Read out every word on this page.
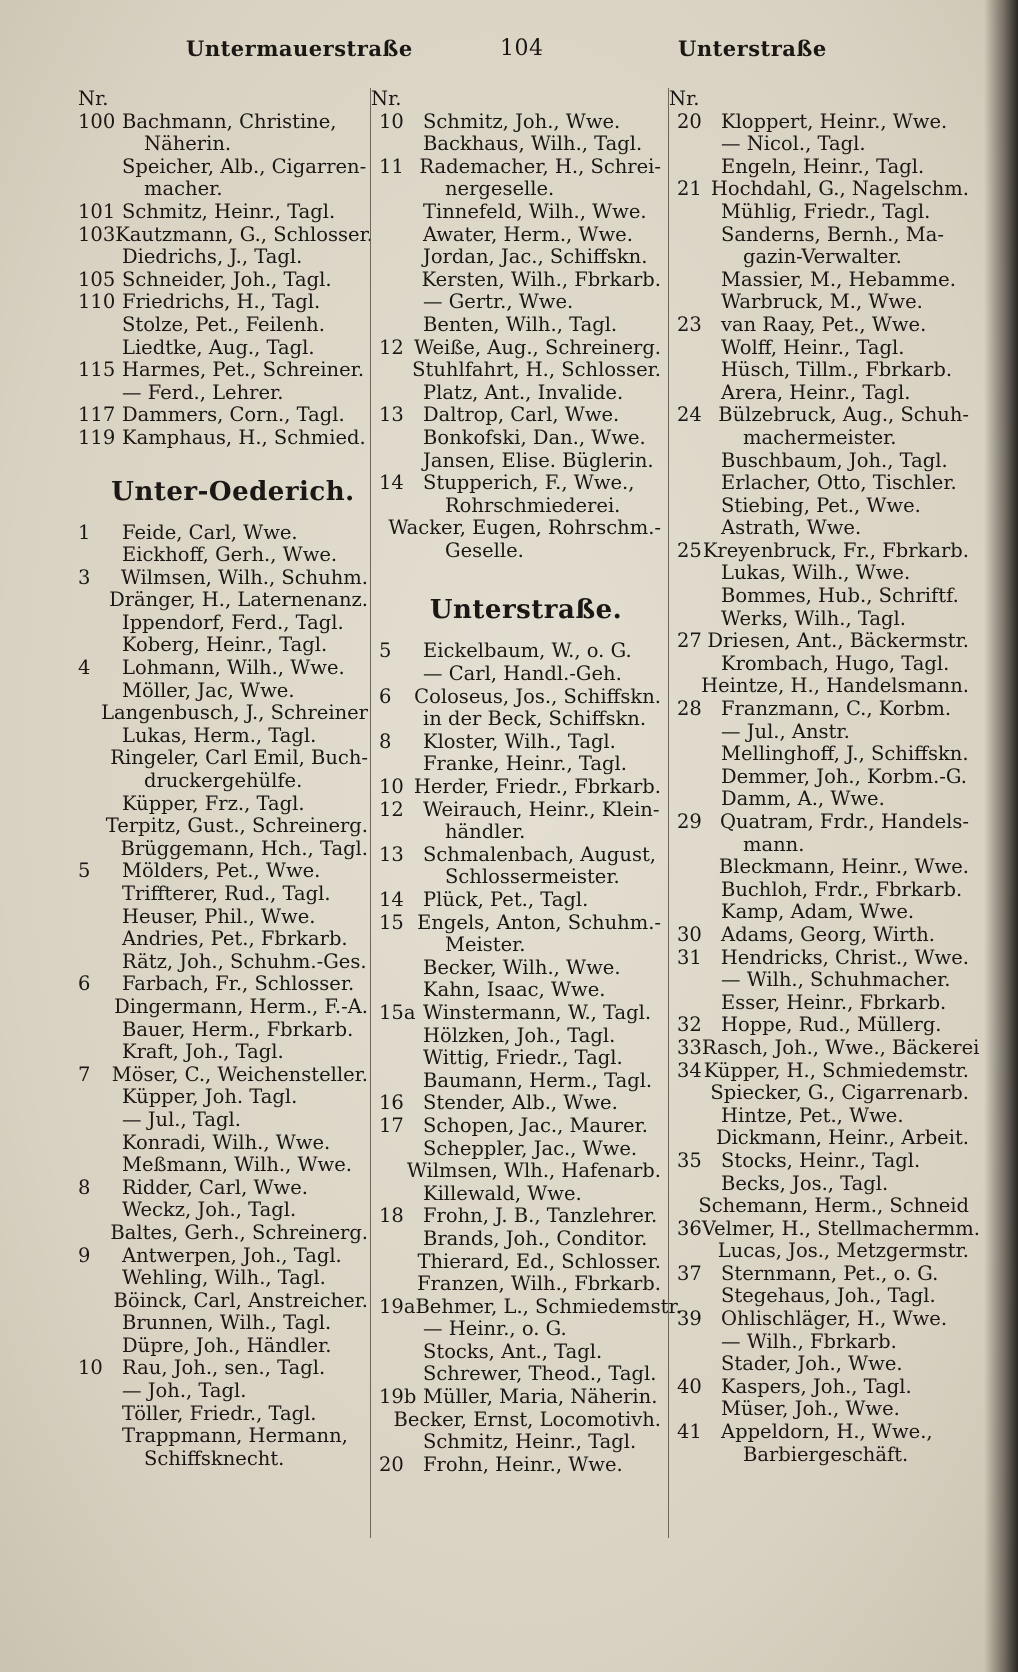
Untermauerstraße	104	Unterstraße
Nr.
100 Bachmann, Christine,
Näherin.
Speicher, Alb., Cigarren-
macher.
101 Schmitz, Heinr., Tagl.
103 Kautzmann, G., Schlosser.
Diedrichs, J., Tagl.
105 Schneider, Joh., Tagl.
110 Friedrichs, H., Tagl.
Stolze, Pet., Feilenh.
Liedtke, Aug., Tagl.
115 Harmes, Pet., Schreiner.
— Ferd., Lehrer.
117 Dammers, Corn., Tagl.
119 Kamphaus, H., Schmied.
Unter-Oederich.
1	Feide, Carl, Wwe.
Eickhoff, Gerh., Wwe.
3	Wilmsen, Wilh., Schuhm.
Dränger, H., Laternenanz.
Ippendorf, Ferd., Tagl.
Koberg, Heinr., Tagl.
4	Lohmann, Wilh., Wwe.
Möller, Jac, Wwe.
Langenbusch, J., Schreiner
Lukas, Herm., Tagl.
Ringeler, Carl Emil, Buch-
druckergehülfe.
Küpper, Frz., Tagl.
Terpitz, Gust., Schreinerg.
Brüggemann, Hch., Tagl.
5	Mölders, Pet., Wwe.
Triffterer, Rud., Tagl.
Heuser, Phil., Wwe.
Andries, Pet., Fbrkarb.
Rätz, Joh., Schuhm.-Ges.
6	Farbach, Fr., Schlosser.
Dingermann, Herm., F.-A.
Bauer, Herm., Fbrkarb.
Kraft, Joh., Tagl.
7	Möser, C., Weichensteller.
Küpper, Joh. Tagl.
— Jul., Tagl.
Konradi, Wilh., Wwe.
Meßmann, Wilh., Wwe.
8	Ridder, Carl, Wwe.
Weckz, Joh., Tagl.
Baltes, Gerh., Schreinerg.
9	Antwerpen, Joh., Tagl.
Wehling, Wilh., Tagl.
Böinck, Carl, Anstreicher.
Brunnen, Wilh., Tagl.
Düpre, Joh., Händler.
10 Rau, Joh., sen., Tagl.
— Joh., Tagl.
Töller, Friedr., Tagl.
Trappmann, Hermann,
Schiffsknecht.
Nr.
10 Schmitz, Joh., Wwe.
Backhaus, Wilh., Tagl.
11 Rademacher, H., Schrei-
nergeselle.
Tinnefeld, Wilh., Wwe.
Awater, Herm., Wwe.
Jordan, Jac., Schiffskn.
Kersten, Wilh., Fbrkarb.
— Gertr., Wwe.
Benten, Wilh., Tagl.
12 Weiße, Aug., Schreinerg.
Stuhlfahrt, H., Schlosser.
Platz, Ant., Invalide.
13 Daltrop, Carl, Wwe.
Bonkofski, Dan., Wwe.
Jansen, Elise. Büglerin.
14 Stupperich, F., Wwe.,
Rohrschmiederei.
Wacker, Eugen, Rohrschm.-
Geselle.
Unterstraße.
5	Eickelbaum, W., o. G.
— Carl, Handl.-Geh.
6	Coloseus, Jos., Schiffskn.
in der Beck, Schiffskn.
8	Kloster, Wilh., Tagl.
Franke, Heinr., Tagl.
10 Herder, Friedr., Fbrkarb.
12 Weirauch, Heinr., Klein-
händler.
13 Schmalenbach, August,
Schlossermeister.
14 Plück, Pet., Tagl.
15 Engels, Anton, Schuhm.-
Meister.
Becker, Wilh., Wwe.
Kahn, Isaac, Wwe.
15a Winstermann, W., Tagl.
Hölzken, Joh., Tagl.
Wittig, Friedr., Tagl.
Baumann, Herm., Tagl.
16 Stender, Alb., Wwe.
17 Schopen, Jac., Maurer.
Scheppler, Jac., Wwe.
Wilmsen, Wlh., Hafenarb.
Killewald, Wwe.
18 Frohn, J. B., Tanzlehrer.
Brands, Joh., Conditor.
Thierard, Ed., Schlosser.
Franzen, Wilh., Fbrkarb.
19a Behmer, L., Schmiedemstr.
— Heinr., o. G.
Stocks, Ant., Tagl.
Schrewer, Theod., Tagl.
19b Müller, Maria, Näherin.
Becker, Ernst, Locomotivh.
Schmitz, Heinr., Tagl.
20 Frohn, Heinr., Wwe.
Nr.
20 Kloppert, Heinr., Wwe.
— Nicol., Tagl.
Engeln, Heinr., Tagl.
21 Hochdahl, G., Nagelschm.
Mühlig, Friedr., Tagl.
Sanderns, Bernh., Ma-
gazin-Verwalter.
Massier, M., Hebamme.
Warbruck, M., Wwe.
23 van Raay, Pet., Wwe.
Wolff, Heinr., Tagl.
Hüsch, Tillm., Fbrkarb.
Arera, Heinr., Tagl.
24 Bülzebruck, Aug., Schuh-
machermeister.
Buschbaum, Joh., Tagl.
Erlacher, Otto, Tischler.
Stiebing, Pet., Wwe.
Astrath, Wwe.
25 Kreyenbruck, Fr., Fbrkarb.
Lukas, Wilh., Wwe.
Bommes, Hub., Schriftf.
Werks, Wilh., Tagl.
27 Driesen, Ant., Bäckermstr.
Krombach, Hugo, Tagl.
Heintze, H., Handelsmann.
28 Franzmann, C., Korbm.
— Jul., Anstr.
Mellinghoff, J., Schiffskn.
Demmer, Joh., Korbm.-G.
Damm, A., Wwe.
29 Quatram, Frdr., Handels-
mann.
Bleckmann, Heinr., Wwe.
Buchloh, Frdr., Fbrkarb.
Kamp, Adam, Wwe.
30 Adams, Georg, Wirth.
31 Hendricks, Christ., Wwe.
— Wilh., Schuhmacher.
Esser, Heinr., Fbrkarb.
32 Hoppe, Rud., Müllerg.
33 Rasch, Joh., Wwe., Bäckerei
34 Küpper, H., Schmiedemstr.
Spiecker, G., Cigarrenarb.
Hintze, Pet., Wwe.
Dickmann, Heinr., Arbeit.
35 Stocks, Heinr., Tagl.
Becks, Jos., Tagl.
Schemann, Herm., Schneid
36 Velmer, H., Stellmachermm.
Lucas, Jos., Metzgermstr.
37 Sternmann, Pet., o. G.
Stegehaus, Joh., Tagl.
39 Ohlischläger, H., Wwe.
— Wilh., Fbrkarb.
Stader, Joh., Wwe.
40 Kaspers, Joh., Tagl.
Müser, Joh., Wwe.
41 Appeldorn, H., Wwe.,
Barbiergeschäft.
